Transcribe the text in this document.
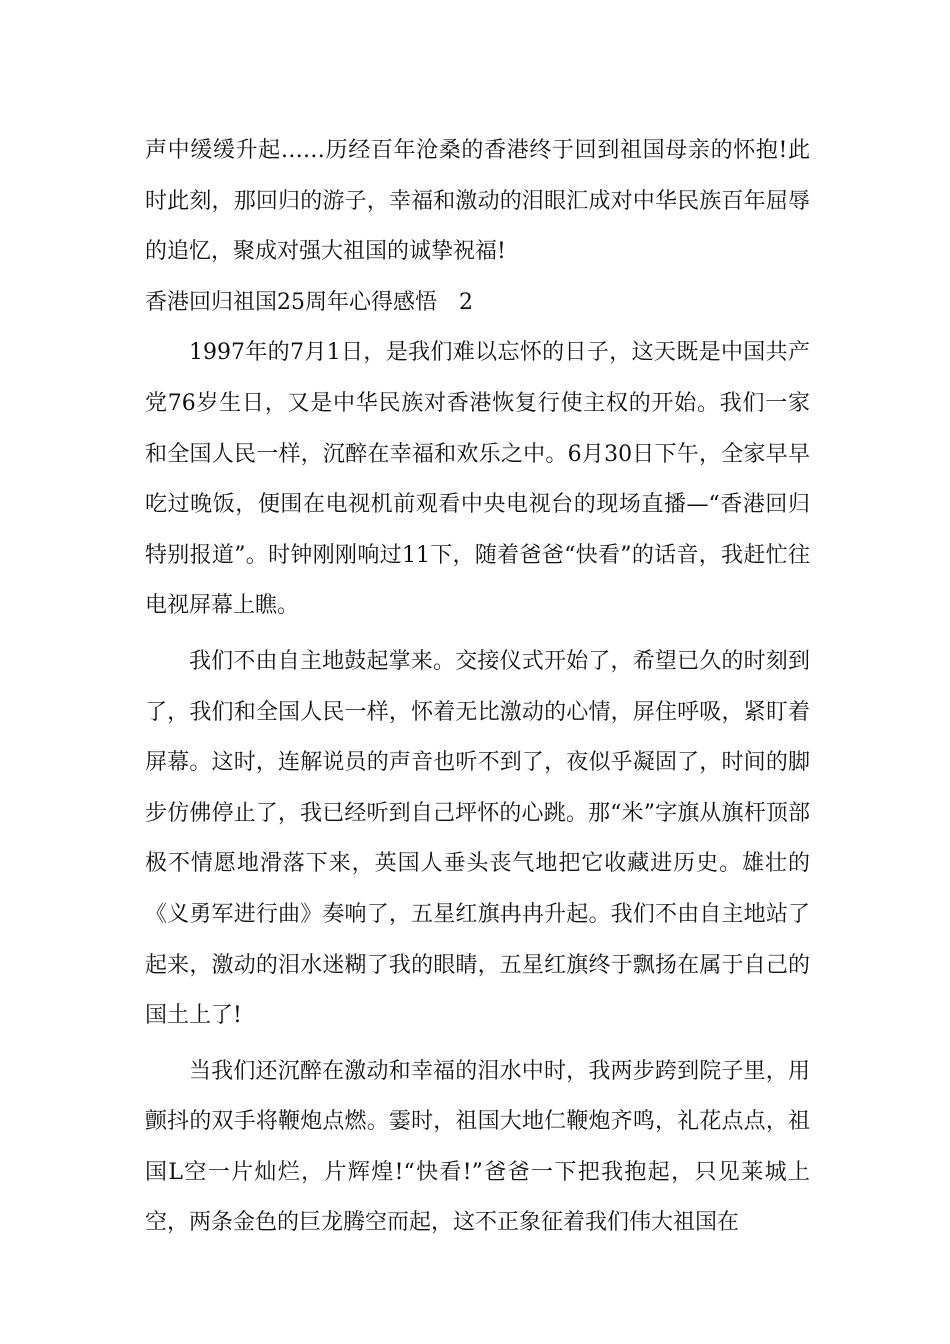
声中缓缓升起……历经百年沧桑的香港终于回到祖国母亲的怀抱!此时此刻，那回归的游子，幸福和激动的泪眼汇成对中华民族百年屈辱的追忆，聚成对强大祖国的诚挚祝福!

香港回归祖国25周年心得感悟　2

1997年的7月1日，是我们难以忘怀的日子，这天既是中国共产党76岁生日，又是中华民族对香港恢复行使主权的开始。我们一家和全国人民一样，沉醉在幸福和欢乐之中。6月30日下午，全家早早吃过晚饭，便围在电视机前观看中央电视台的现场直播—“香港回归特别报道”。时钟刚刚响过11下，随着爸爸“快看”的话音，我赶忙往电视屏幕上瞧。

我们不由自主地鼓起掌来。交接仪式开始了，希望已久的时刻到了，我们和全国人民一样，怀着无比激动的心情，屏住呼吸，紧盯着屏幕。这时，连解说员的声音也听不到了，夜似乎凝固了，时间的脚步仿佛停止了，我已经听到自己坪怀的心跳。那“米”字旗从旗杆顶部极不情愿地滑落下来，英国人垂头丧气地把它收藏进历史。雄壮的《义勇军进行曲》奏响了，五星红旗冉冉升起。我们不由自主地站了起来，激动的泪水迷糊了我的眼睛，五星红旗终于飘扬在属于自己的国土上了!

当我们还沉醉在激动和幸福的泪水中时，我两步跨到院子里，用颤抖的双手将鞭炮点燃。霎时，祖国大地仁鞭炮齐鸣，礼花点点，祖国L空一片灿烂，片辉煌!“快看!”爸爸一下把我抱起，只见莱城上空，两条金色的巨龙腾空而起，这不正象征着我们伟大祖国在
